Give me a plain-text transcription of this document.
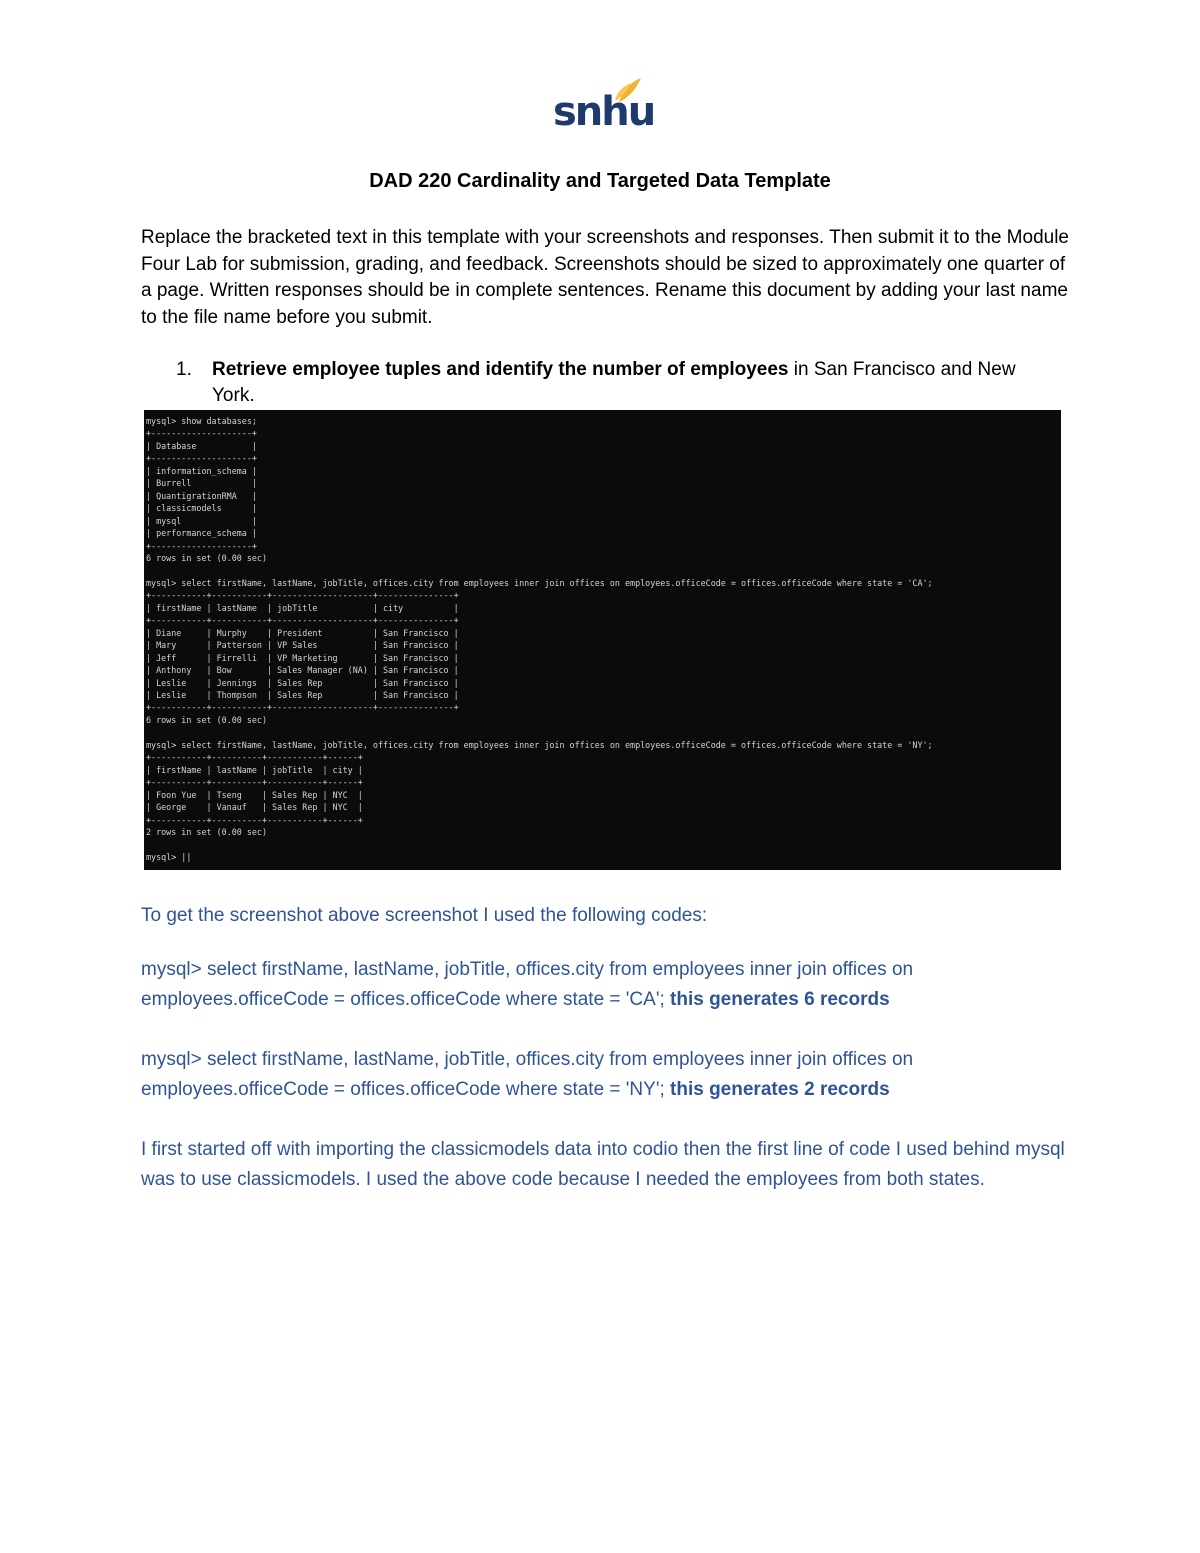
snhu
DAD 220 Cardinality and Targeted Data Template
Replace the bracketed text in this template with your screenshots and responses. Then submit it to the Module Four Lab for submission, grading, and feedback. Screenshots should be sized to approximately one quarter of a page. Written responses should be in complete sentences. Rename this document by adding your last name to the file name before you submit.
1. Retrieve employee tuples and identify the number of employees in San Francisco and New York.
mysql> show databases;
+--------------------+
| Database           |
+--------------------+
| information_schema |
| Burrell            |
| QuantigrationRMA   |
| classicmodels      |
| mysql              |
| performance_schema |
+--------------------+
6 rows in set (0.00 sec)

mysql> select firstName, lastName, jobTitle, offices.city from employees inner join offices on employees.officeCode = offices.officeCode where state = 'CA';
+-----------+-----------+--------------------+---------------+
| firstName | lastName  | jobTitle           | city          |
+-----------+-----------+--------------------+---------------+
| Diane     | Murphy    | President          | San Francisco |
| Mary      | Patterson | VP Sales           | San Francisco |
| Jeff      | Firrelli  | VP Marketing       | San Francisco |
| Anthony   | Bow       | Sales Manager (NA) | San Francisco |
| Leslie    | Jennings  | Sales Rep          | San Francisco |
| Leslie    | Thompson  | Sales Rep          | San Francisco |
+-----------+-----------+--------------------+---------------+
6 rows in set (0.00 sec)

mysql> select firstName, lastName, jobTitle, offices.city from employees inner join offices on employees.officeCode = offices.officeCode where state = 'NY';
+-----------+----------+-----------+------+
| firstName | lastName | jobTitle  | city |
+-----------+----------+-----------+------+
| Foon Yue  | Tseng    | Sales Rep | NYC  |
| George    | Vanauf   | Sales Rep | NYC  |
+-----------+----------+-----------+------+
2 rows in set (0.00 sec)

mysql> ||
To get the screenshot above screenshot I used the following codes:
mysql> select firstName, lastName, jobTitle, offices.city from employees inner join offices on employees.officeCode = offices.officeCode where state = 'CA'; this generates 6 records
mysql> select firstName, lastName, jobTitle, offices.city from employees inner join offices on employees.officeCode = offices.officeCode where state = 'NY'; this generates 2 records
I first started off with importing the classicmodels data into codio then the first line of code I used behind mysql was to use classicmodels. I used the above code because I needed the employees from both states.
